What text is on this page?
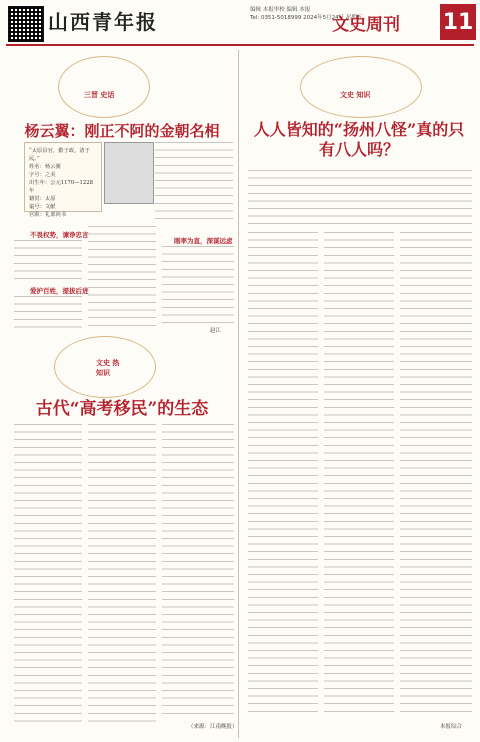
山西青年报	编辑 本报审校 编辑 本报
Tel: 0351-5018999 2024年5月24日 星期五
文史周刊 11
三晋 史话
杨云翼：刚正不阿的金朝名相
“太原县官，勤于政，清于民。”
姓名：杨云翼
字号：之美
出生年：公元1170—1228年
籍贯：太原
谥号：文献
官职：礼部尚书
不畏权势，谏诤忠言
爱护百姓，提拔后进
刚率为直，深谋远虑
赵江
文史 热知识
古代“高考移民”的生态
（来源：江南晚报）
文史 知识
人人皆知的“扬州八怪”真的只有八人吗？
本报综合
